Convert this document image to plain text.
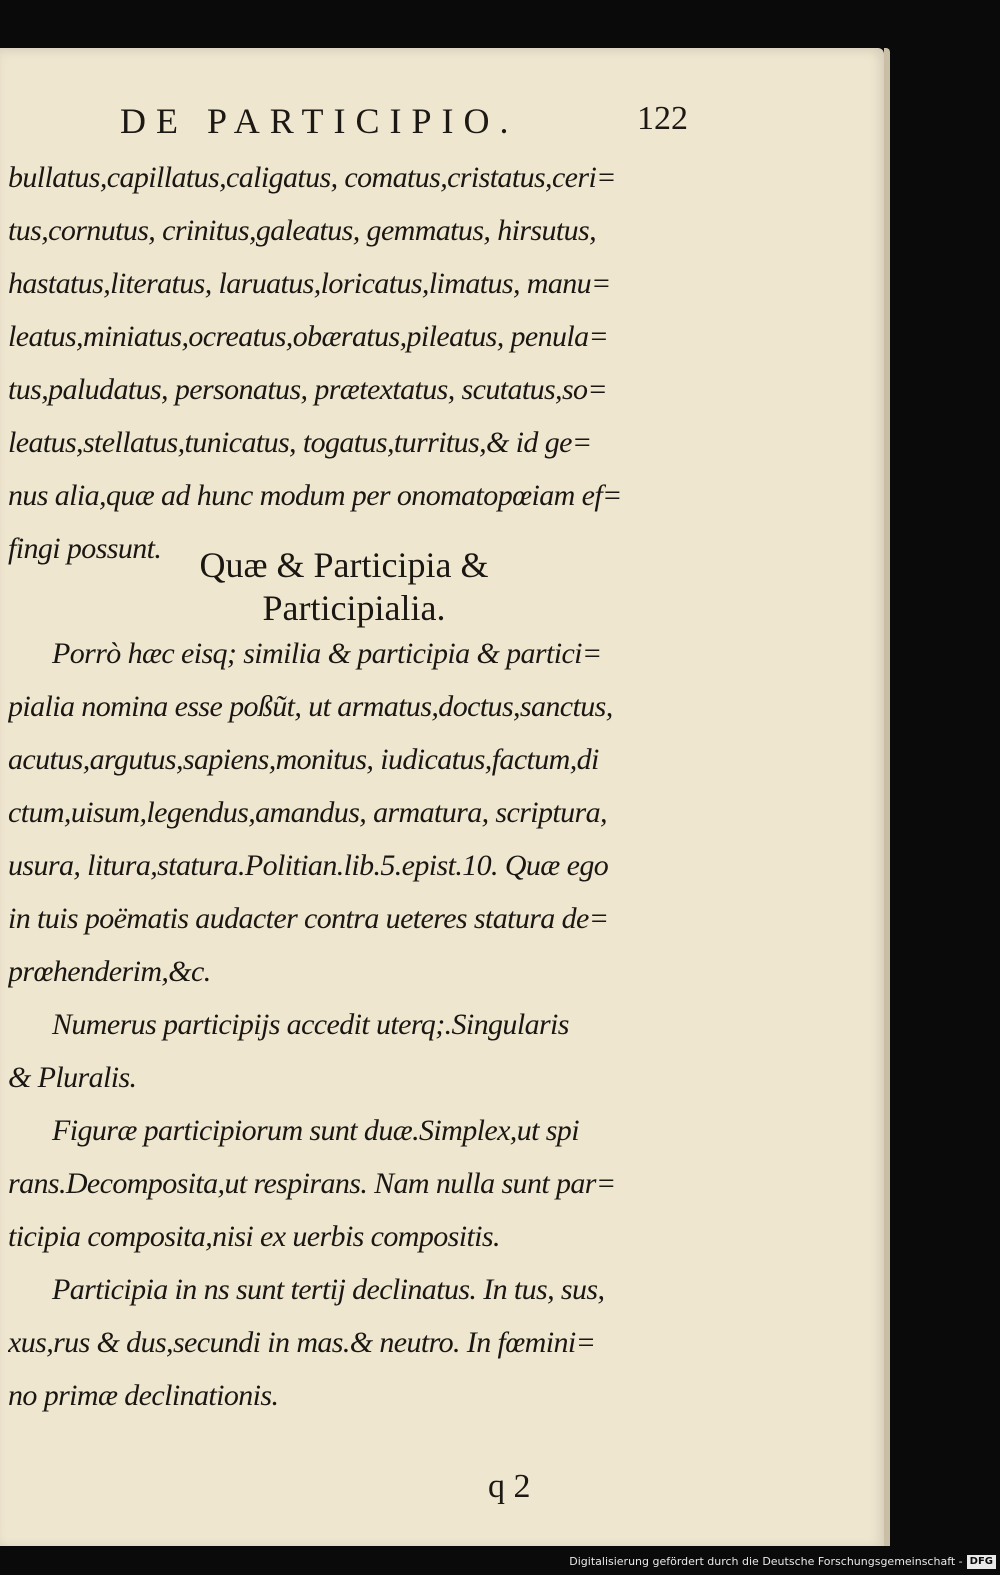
DE PARTICIPIO.	122
bullatus,capillatus,caligatus, comatus,cristatus,ceri=
tus,cornutus, crinitus,galeatus, gemmatus, hirsutus,
hastatus,literatus, laruatus,loricatus,limatus, manu=
leatus,miniatus,ocreatus,obæratus,pileatus, penula=
tus,paludatus, personatus, prætextatus, scutatus,so=
leatus,stellatus,tunicatus, togatus,turritus,& id ge=
nus alia,quæ ad hunc modum per onomatopœiam ef=
fingi possunt.	Quæ & Participia &
Participialia.
Porrò hæc eisq; similia & participia & partici=
pialia nomina esse poßũt, ut armatus,doctus,sanctus,
acutus,argutus,sapiens,monitus, iudicatus,factum,di
ctum,uisum,legendus,amandus, armatura, scriptura,
usura, litura,statura.Politian.lib.5.epist.10. Quæ ego
in tuis poëmatis audacter contra ueteres statura de=
prœhenderim,&c.
Numerus participijs accedit uterq;.Singularis
& Pluralis.
Figuræ participiorum sunt duæ.Simplex,ut spi
rans.Decomposita,ut respirans. Nam nulla sunt par=
ticipia composita,nisi ex uerbis compositis.
Participia in ns sunt tertij declinatus. In tus, sus,
xus,rus & dus,secundi in mas.& neutro. In fœmini=
no primæ declinationis.
q 2
Digitalisierung gefördert durch die Deutsche Forschungsgemeinschaft - DFG
